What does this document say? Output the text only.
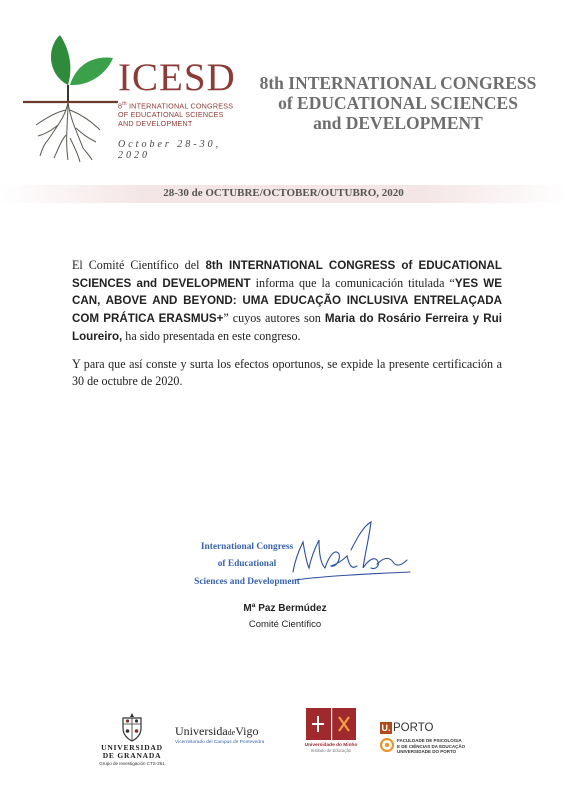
ICESD
8th INTERNATIONAL CONGRESS
OF EDUCATIONAL SCIENCES
AND DEVELOPMENT
October 28-30, 2020
8th INTERNATIONAL CONGRESS
of EDUCATIONAL SCIENCES
and DEVELOPMENT
28-30 de OCTUBRE/OCTOBER/OUTUBRO, 2020

El Comité Científico del 8th INTERNATIONAL CONGRESS of EDUCATIONAL SCIENCES and DEVELOPMENT informa que la comunicación titulada “YES WE CAN, ABOVE AND BEYOND: UMA EDUCAÇÃO INCLUSIVA ENTRELAÇADA COM PRÁTICA ERASMUS+” cuyos autores son Maria do Rosário Ferreira y Rui Loureiro, ha sido presentada en este congreso.

Y para que así conste y surta los efectos oportunos, se expide la presente certificación a 30 de octubre de 2020.

International Congress
of Educational
Sciences and Development
Mª Paz Bermúdez
Comité Científico
UNIVERSIDAD
DE GRANADA
Grupo de Investigación CTS-261
UniversidadeVigo
Vicerreitorado del Campus de Pontevedra
Universidade do Minho
Instituto de Educação
U. PORTO
FACULDADE DE PSICOLOGIA
E DE CIÊNCIAS DA EDUCAÇÃO
UNIVERSIDADE DO PORTO
